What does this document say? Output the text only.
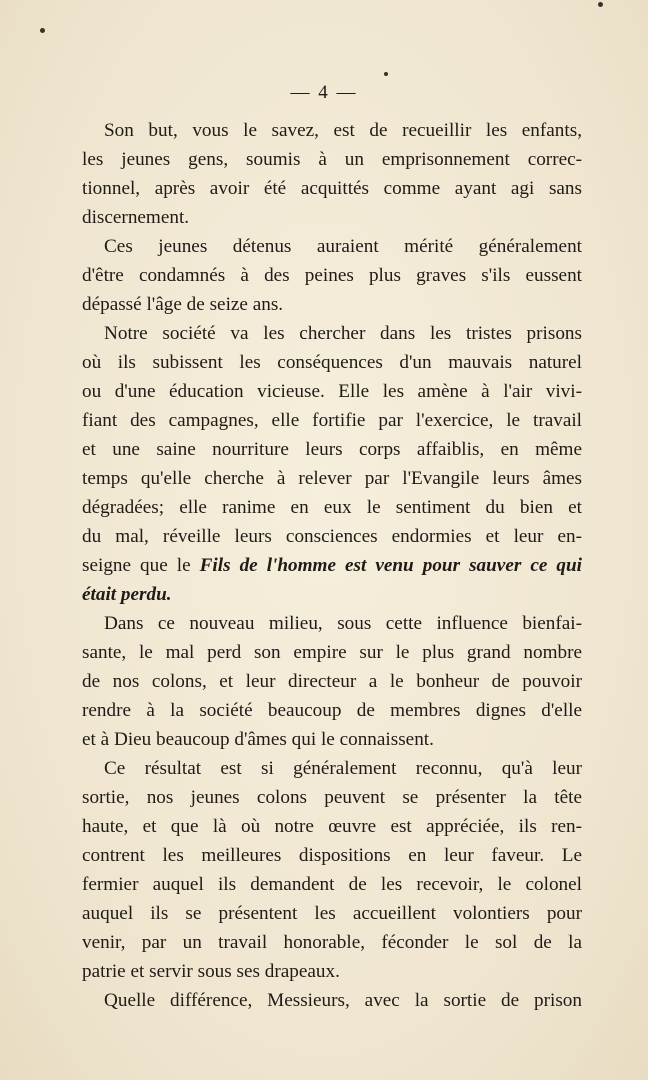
— 4 —
Son but, vous le savez, est de recueillir les enfants,
les jeunes gens, soumis à un emprisonnement correc-
tionnel, après avoir été acquittés comme ayant agi sans
discernement.
Ces jeunes détenus auraient mérité généralement
d'être condamnés à des peines plus graves s'ils eussent
dépassé l'âge de seize ans.
Notre société va les chercher dans les tristes prisons
où ils subissent les conséquences d'un mauvais naturel
ou d'une éducation vicieuse. Elle les amène à l'air vivi-
fiant des campagnes, elle fortifie par l'exercice, le travail
et une saine nourriture leurs corps affaiblis, en même
temps qu'elle cherche à relever par l'Evangile leurs âmes
dégradées; elle ranime en eux le sentiment du bien et
du mal, réveille leurs consciences endormies et leur en-
seigne que le Fils de l'homme est venu pour sauver ce qui
était perdu.
Dans ce nouveau milieu, sous cette influence bienfai-
sante, le mal perd son empire sur le plus grand nombre
de nos colons, et leur directeur a le bonheur de pouvoir
rendre à la société beaucoup de membres dignes d'elle
et à Dieu beaucoup d'âmes qui le connaissent.
Ce résultat est si généralement reconnu, qu'à leur
sortie, nos jeunes colons peuvent se présenter la tête
haute, et que là où notre œuvre est appréciée, ils ren-
contrent les meilleures dispositions en leur faveur. Le
fermier auquel ils demandent de les recevoir, le colonel
auquel ils se présentent les accueillent volontiers pour
venir, par un travail honorable, féconder le sol de la
patrie et servir sous ses drapeaux.
Quelle différence, Messieurs, avec la sortie de prison
